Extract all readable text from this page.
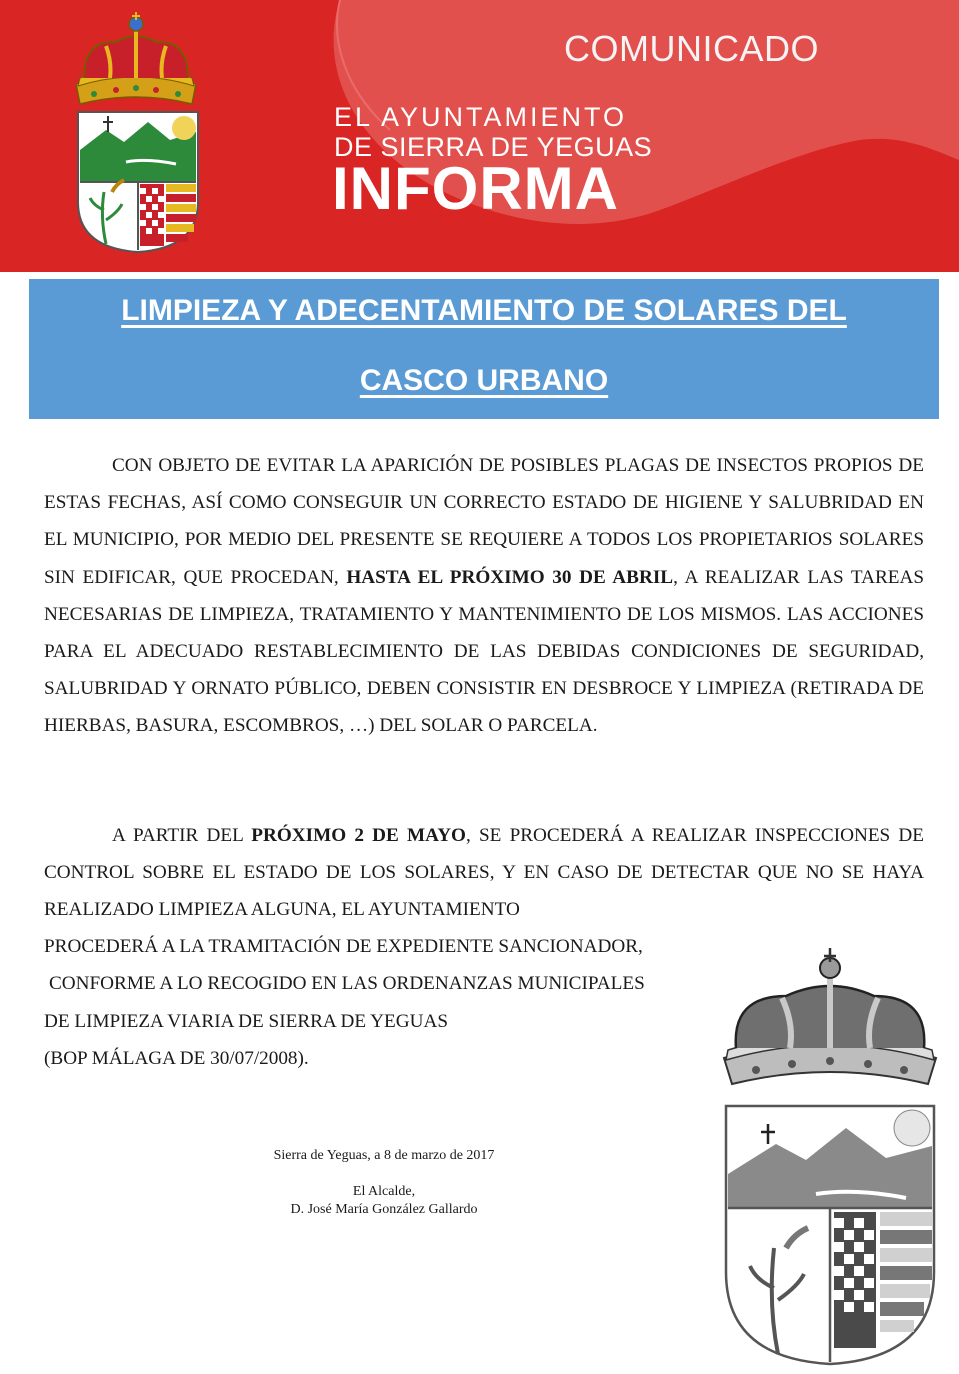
COMUNICADO
EL AYUNTAMIENTO
DE SIERRA DE YEGUAS
INFORMA
LIMPIEZA Y ADECENTAMIENTO DE SOLARES DEL
CASCO URBANO

CON OBJETO DE EVITAR LA APARICIÓN DE POSIBLES PLAGAS DE INSECTOS PROPIOS DE ESTAS FECHAS, ASÍ COMO CONSEGUIR UN CORRECTO ESTADO DE HIGIENE Y SALUBRIDAD EN EL MUNICIPIO, POR MEDIO DEL PRESENTE SE REQUIERE A TODOS LOS PROPIETARIOS SOLARES SIN EDIFICAR, QUE PROCEDAN, HASTA EL PRÓXIMO 30 DE ABRIL, A REALIZAR LAS TAREAS NECESARIAS DE LIMPIEZA, TRATAMIENTO Y MANTENIMIENTO DE LOS MISMOS. LAS ACCIONES PARA EL ADECUADO RESTABLECIMIENTO DE LAS DEBIDAS CONDICIONES DE SEGURIDAD, SALUBRIDAD Y ORNATO PÚBLICO, DEBEN CONSISTIR EN DESBROCE Y LIMPIEZA (RETIRADA DE HIERBAS, BASURA, ESCOMBROS, …) DEL SOLAR O PARCELA.

A PARTIR DEL PRÓXIMO 2 DE MAYO, SE PROCEDERÁ A REALIZAR INSPECCIONES DE CONTROL SOBRE EL ESTADO DE LOS SOLARES, Y EN CASO DE DETECTAR QUE NO SE HAYA REALIZADO LIMPIEZA ALGUNA, EL AYUNTAMIENTO

PROCEDERÁ A LA TRAMITACIÓN DE EXPEDIENTE SANCIONADOR,
CONFORME A LO RECOGIDO EN LAS ORDENANZAS MUNICIPALES
DE LIMPIEZA VIARIA DE SIERRA DE YEGUAS
(BOP MÁLAGA DE 30/07/2008).
Sierra de Yeguas, a 8 de marzo de 2017
El Alcalde,
D. José María González Gallardo
